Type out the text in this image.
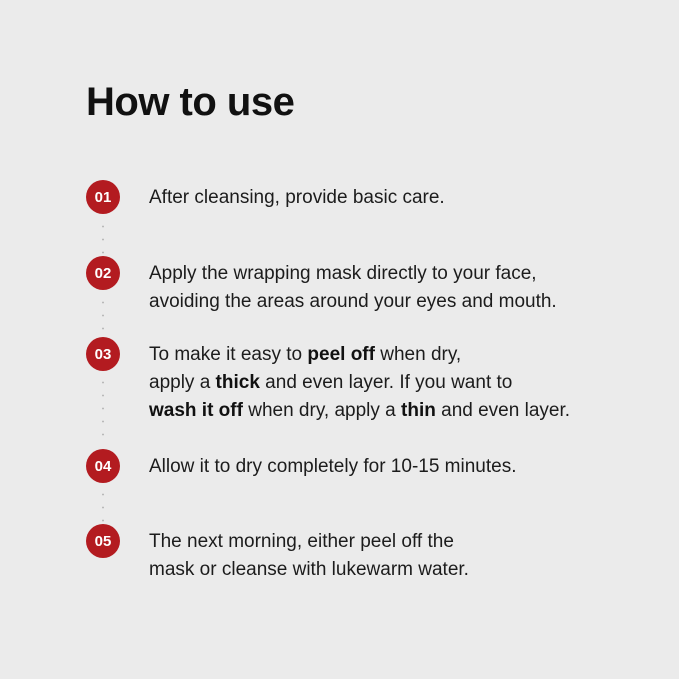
How to use
01	After cleansing, provide basic care.
02	Apply the wrapping mask directly to your face,
avoiding the areas around your eyes and mouth.
03	To make it easy to peel off when dry,
apply a thick and even layer. If you want to
wash it off when dry, apply a thin and even layer.
04	Allow it to dry completely for 10-15 minutes.
05	The next morning, either peel off the
mask or cleanse with lukewarm water.
